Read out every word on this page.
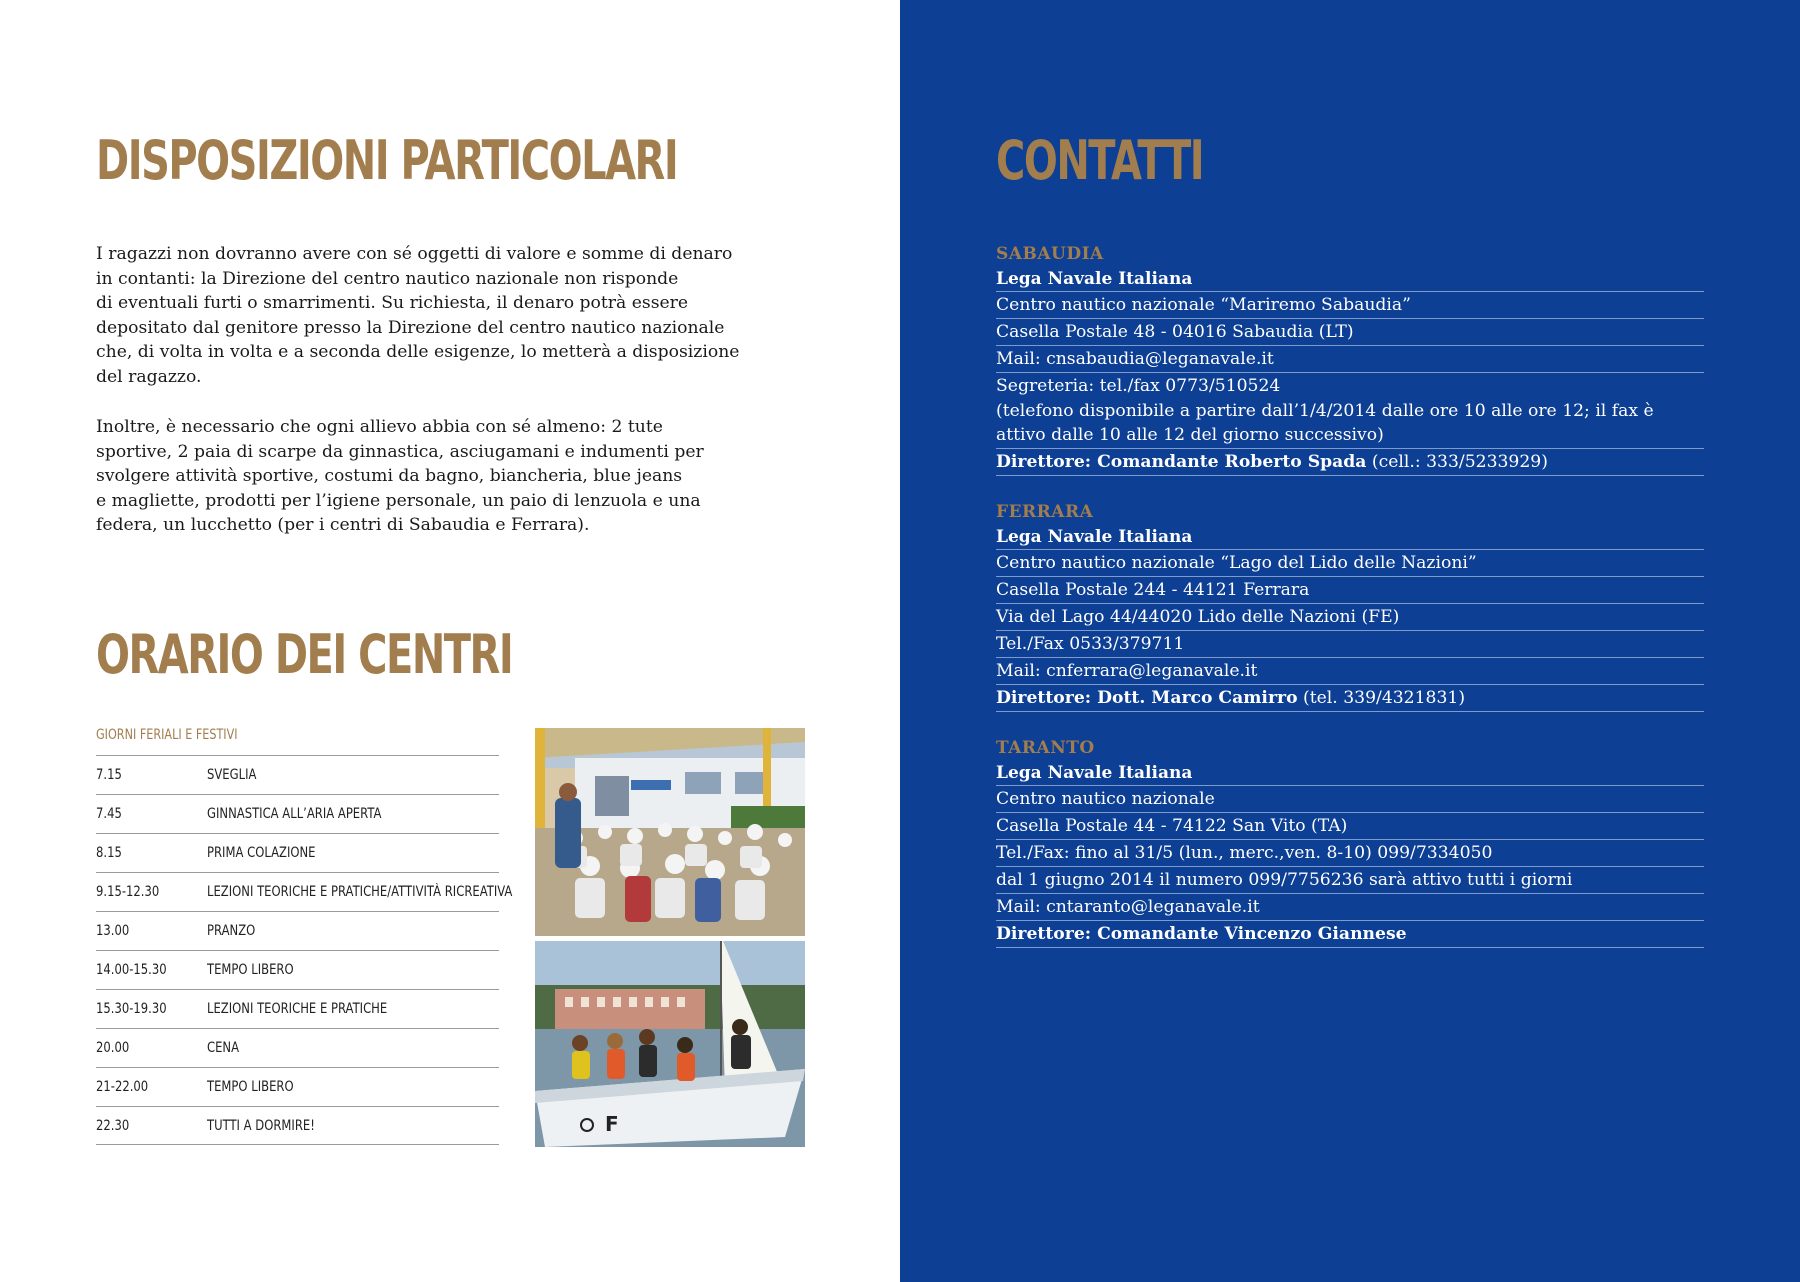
DISPOSIZIONI PARTICOLARI
I ragazzi non dovranno avere con sé oggetti di valore e somme di denaro
in contanti: la Direzione del centro nautico nazionale non risponde
di eventuali furti o smarrimenti. Su richiesta, il denaro potrà essere
depositato dal genitore presso la Direzione del centro nautico nazionale
che, di volta in volta e a seconda delle esigenze, lo metterà a disposizione
del ragazzo.
Inoltre, è necessario che ogni allievo abbia con sé almeno: 2 tute
sportive, 2 paia di scarpe da ginnastica, asciugamani e indumenti per
svolgere attività sportive, costumi da bagno, biancheria, blue jeans
e magliette, prodotti per l’igiene personale, un paio di lenzuola e una
federa, un lucchetto (per i centri di Sabaudia e Ferrara).
ORARIO DEI CENTRI
GIORNI FERIALI E FESTIVI
7.15	SVEGLIA
7.45	GINNASTICA ALL’ARIA APERTA
8.15	PRIMA COLAZIONE
9.15-12.30	LEZIONI TEORICHE E PRATICHE/ATTIVITÀ RICREATIVA
13.00	PRANZO
14.00-15.30	TEMPO LIBERO
15.30-19.30	LEZIONI TEORICHE E PRATICHE
20.00	CENA
21-22.00	TEMPO LIBERO
22.30	TUTTI A DORMIRE!	F
CONTATTI
SABAUDIA
Lega Navale Italiana
Centro nautico nazionale “Mariremo Sabaudia”
Casella Postale 48 - 04016 Sabaudia (LT)
Mail: cnsabaudia@leganavale.it
Segreteria: tel./fax 0773/510524
(telefono disponibile a partire dall’1/4/2014 dalle ore 10 alle ore 12; il fax è attivo dalle 10 alle 12 del giorno successivo)
Direttore: Comandante Roberto Spada (cell.: 333/5233929)
FERRARA
Lega Navale Italiana
Centro nautico nazionale “Lago del Lido delle Nazioni”
Casella Postale 244 - 44121 Ferrara
Via del Lago 44/44020 Lido delle Nazioni (FE)
Tel./Fax 0533/379711
Mail: cnferrara@leganavale.it
Direttore: Dott. Marco Camirro (tel. 339/4321831)
TARANTO
Lega Navale Italiana
Centro nautico nazionale
Casella Postale 44 - 74122 San Vito (TA)
Tel./Fax: fino al 31/5 (lun., merc.,ven. 8-10) 099/7334050
dal 1 giugno 2014 il numero 099/7756236 sarà attivo tutti i giorni
Mail: cntaranto@leganavale.it
Direttore: Comandante Vincenzo Giannese
